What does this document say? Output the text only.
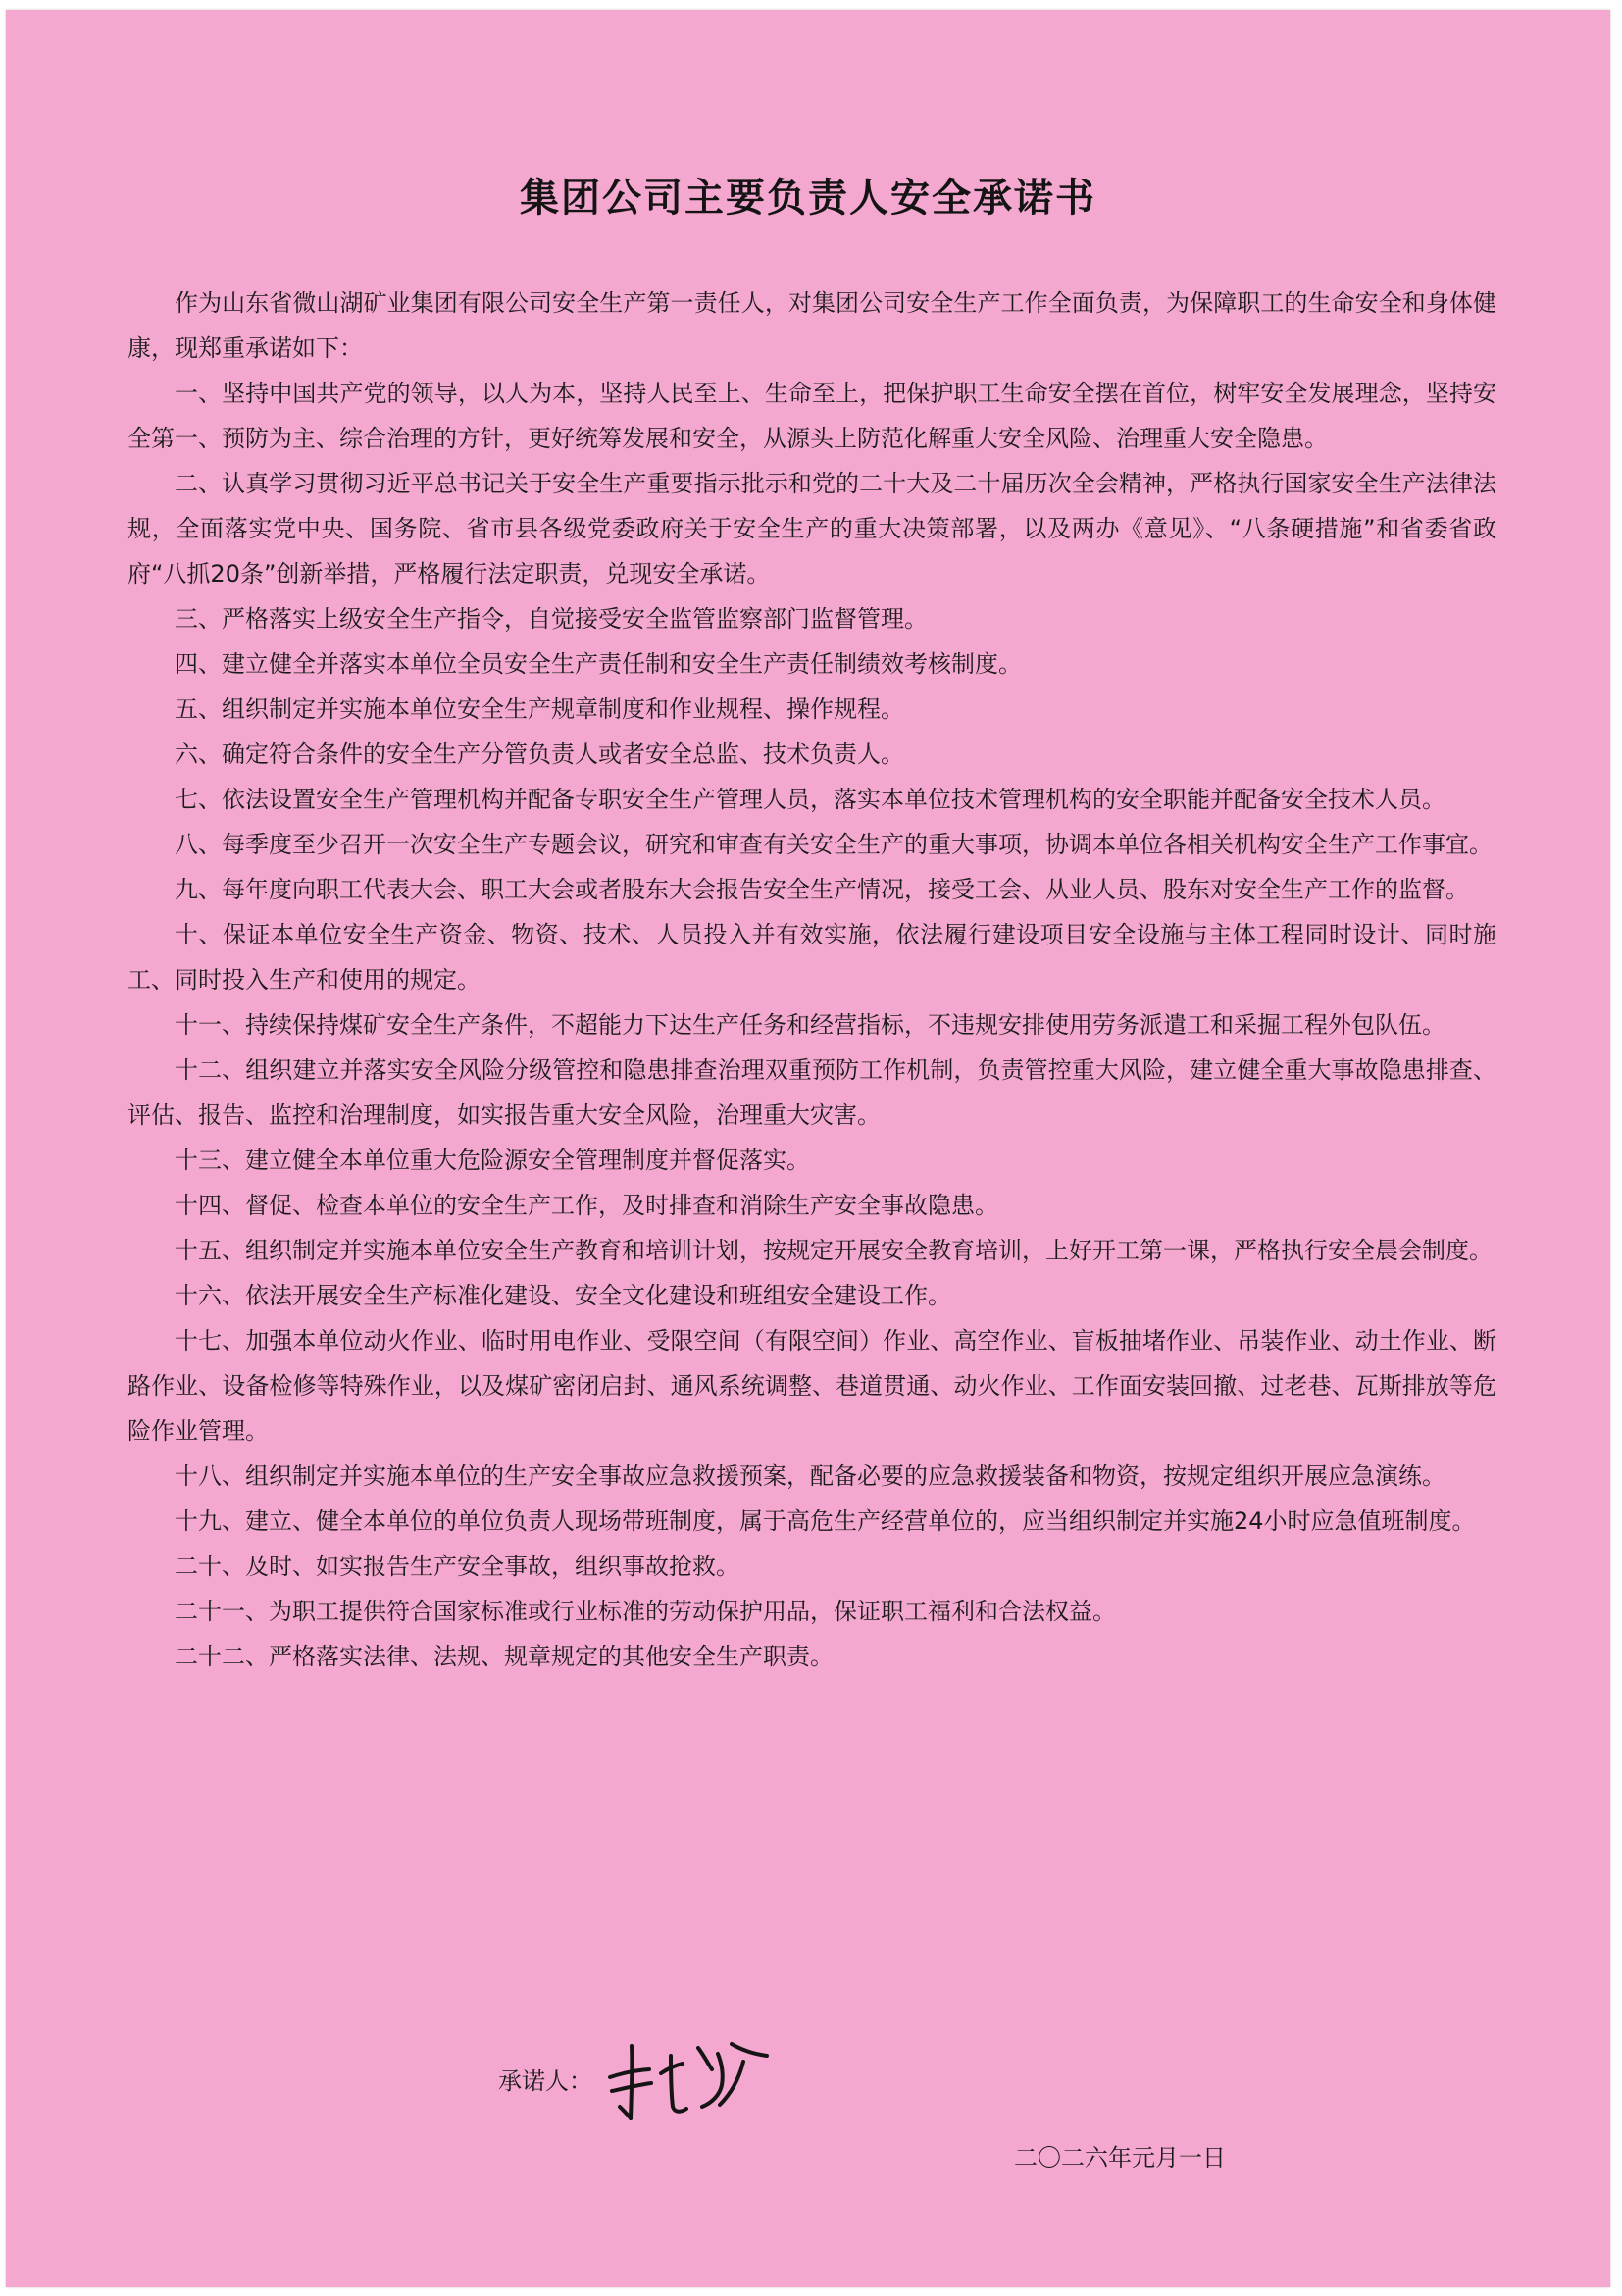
集团公司主要负责人安全承诺书

作为山东省微山湖矿业集团有限公司安全生产第一责任人，对集团公司安全生产工作全面负责，为保障职工的生命安全和身体健康，现郑重承诺如下：

一、坚持中国共产党的领导，以人为本，坚持人民至上、生命至上，把保护职工生命安全摆在首位，树牢安全发展理念，坚持安全第一、预防为主、综合治理的方针，更好统筹发展和安全，从源头上防范化解重大安全风险、治理重大安全隐患。

二、认真学习贯彻习近平总书记关于安全生产重要指示批示和党的二十大及二十届历次全会精神，严格执行国家安全生产法律法规，全面落实党中央、国务院、省市县各级党委政府关于安全生产的重大决策部署，以及两办《意见》、“八条硬措施”和省委省政府“八抓20条”创新举措，严格履行法定职责，兑现安全承诺。

三、严格落实上级安全生产指令，自觉接受安全监管监察部门监督管理。

四、建立健全并落实本单位全员安全生产责任制和安全生产责任制绩效考核制度。

五、组织制定并实施本单位安全生产规章制度和作业规程、操作规程。

六、确定符合条件的安全生产分管负责人或者安全总监、技术负责人。

七、依法设置安全生产管理机构并配备专职安全生产管理人员，落实本单位技术管理机构的安全职能并配备安全技术人员。

八、每季度至少召开一次安全生产专题会议，研究和审查有关安全生产的重大事项，协调本单位各相关机构安全生产工作事宜。

九、每年度向职工代表大会、职工大会或者股东大会报告安全生产情况，接受工会、从业人员、股东对安全生产工作的监督。

十、保证本单位安全生产资金、物资、技术、人员投入并有效实施，依法履行建设项目安全设施与主体工程同时设计、同时施工、同时投入生产和使用的规定。

十一、持续保持煤矿安全生产条件，不超能力下达生产任务和经营指标，不违规安排使用劳务派遣工和采掘工程外包队伍。

十二、组织建立并落实安全风险分级管控和隐患排查治理双重预防工作机制，负责管控重大风险，建立健全重大事故隐患排查、评估、报告、监控和治理制度，如实报告重大安全风险，治理重大灾害。

十三、建立健全本单位重大危险源安全管理制度并督促落实。

十四、督促、检查本单位的安全生产工作，及时排查和消除生产安全事故隐患。

十五、组织制定并实施本单位安全生产教育和培训计划，按规定开展安全教育培训，上好开工第一课，严格执行安全晨会制度。

十六、依法开展安全生产标准化建设、安全文化建设和班组安全建设工作。

十七、加强本单位动火作业、临时用电作业、受限空间（有限空间）作业、高空作业、盲板抽堵作业、吊装作业、动土作业、断路作业、设备检修等特殊作业，以及煤矿密闭启封、通风系统调整、巷道贯通、动火作业、工作面安装回撤、过老巷、瓦斯排放等危险作业管理。

十八、组织制定并实施本单位的生产安全事故应急救援预案，配备必要的应急救援装备和物资，按规定组织开展应急演练。

十九、建立、健全本单位的单位负责人现场带班制度，属于高危生产经营单位的，应当组织制定并实施24小时应急值班制度。

二十、及时、如实报告生产安全事故，组织事故抢救。

二十一、为职工提供符合国家标准或行业标准的劳动保护用品，保证职工福利和合法权益。

二十二、严格落实法律、法规、规章规定的其他安全生产职责。

承诺人：
二〇二六年元月一日
